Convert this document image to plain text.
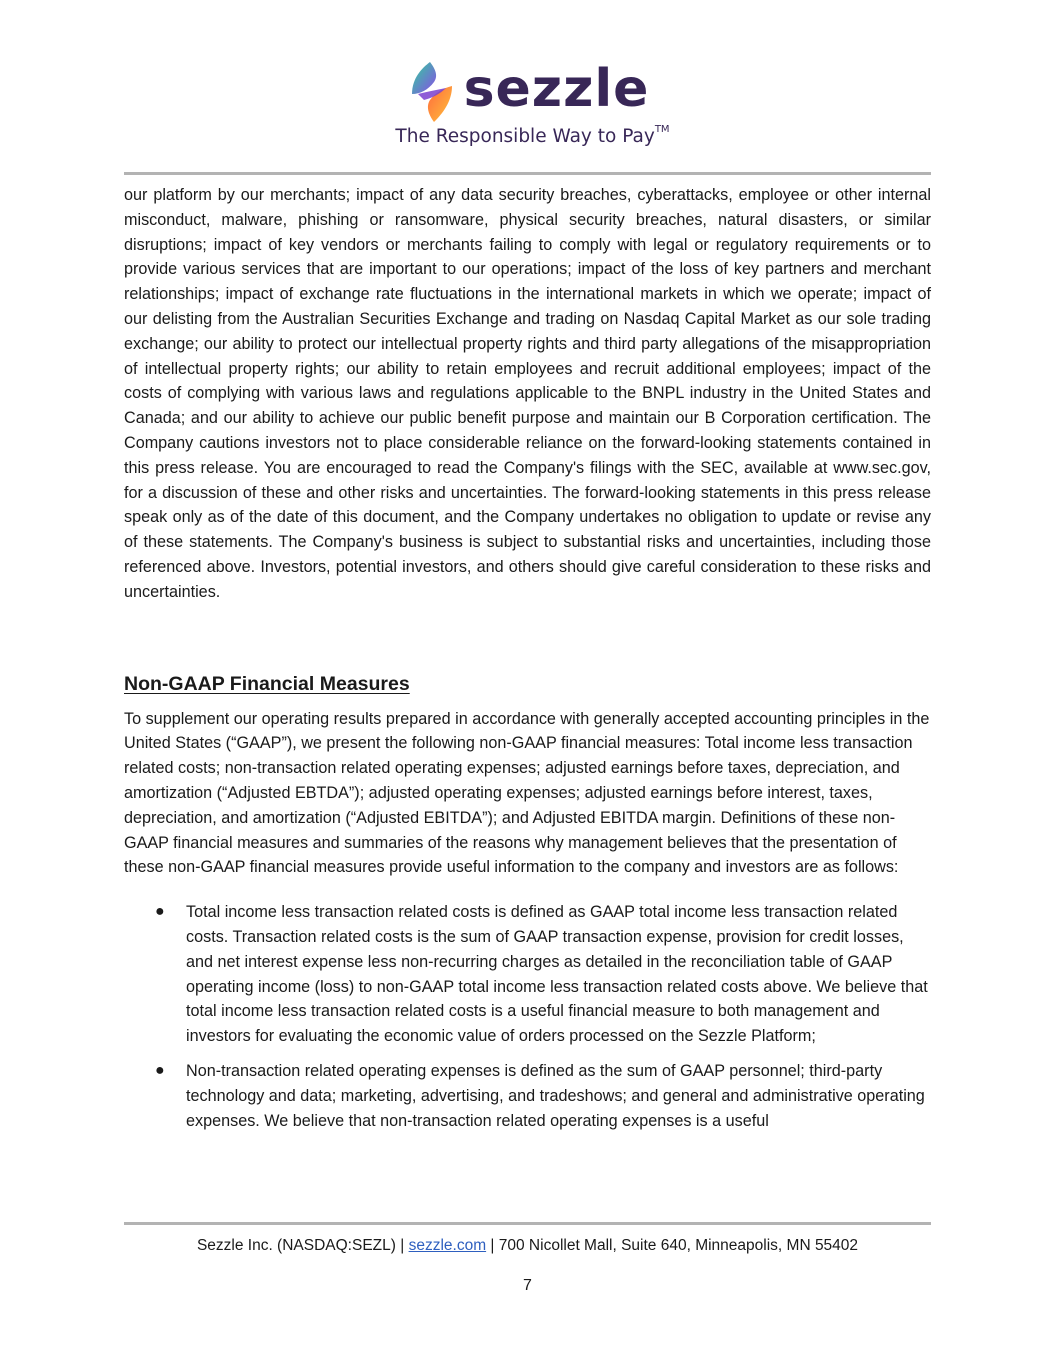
sezzle
The Responsible Way to Pay™

our platform by our merchants; impact of any data security breaches, cyberattacks, employee or other internal misconduct, malware, phishing or ransomware, physical security breaches, natural disasters, or similar disruptions; impact of key vendors or merchants failing to comply with legal or regulatory requirements or to provide various services that are important to our operations; impact of the loss of key partners and merchant relationships; impact of exchange rate fluctuations in the international markets in which we operate; impact of our delisting from the Australian Securities Exchange and trading on Nasdaq Capital Market as our sole trading exchange; our ability to protect our intellectual property rights and third party allegations of the misappropriation of intellectual property rights; our ability to retain employees and recruit additional employees; impact of the costs of complying with various laws and regulations applicable to the BNPL industry in the United States and Canada; and our ability to achieve our public benefit purpose and maintain our B Corporation certification. The Company cautions investors not to place considerable reliance on the forward-looking statements contained in this press release. You are encouraged to read the Company's filings with the SEC, available at www.sec.gov, for a discussion of these and other risks and uncertainties. The forward-looking statements in this press release speak only as of the date of this document, and the Company undertakes no obligation to update or revise any of these statements. The Company's business is subject to substantial risks and uncertainties, including those referenced above. Investors, potential investors, and others should give careful consideration to these risks and uncertainties.

Non-GAAP Financial Measures

To supplement our operating results prepared in accordance with generally accepted accounting principles in the United States (“GAAP”), we present the following non-GAAP financial measures: Total income less transaction related costs; non-transaction related operating expenses; adjusted earnings before taxes, depreciation, and amortization (“Adjusted EBTDA”); adjusted operating expenses; adjusted earnings before interest, taxes, depreciation, and amortization (“Adjusted EBITDA”); and Adjusted EBITDA margin. Definitions of these non-GAAP financial measures and summaries of the reasons why management believes that the presentation of these non-GAAP financial measures provide useful information to the company and investors are as follows:

● Total income less transaction related costs is defined as GAAP total income less transaction related costs. Transaction related costs is the sum of GAAP transaction expense, provision for credit losses, and net interest expense less non-recurring charges as detailed in the reconciliation table of GAAP operating income (loss) to non-GAAP total income less transaction related costs above. We believe that total income less transaction related costs is a useful financial measure to both management and investors for evaluating the economic value of orders processed on the Sezzle Platform;
● Non-transaction related operating expenses is defined as the sum of GAAP personnel; third-party technology and data; marketing, advertising, and tradeshows; and general and administrative operating expenses. We believe that non-transaction related operating expenses is a useful
Sezzle Inc. (NASDAQ:SEZL) | sezzle.com | 700 Nicollet Mall, Suite 640, Minneapolis, MN 55402
7
